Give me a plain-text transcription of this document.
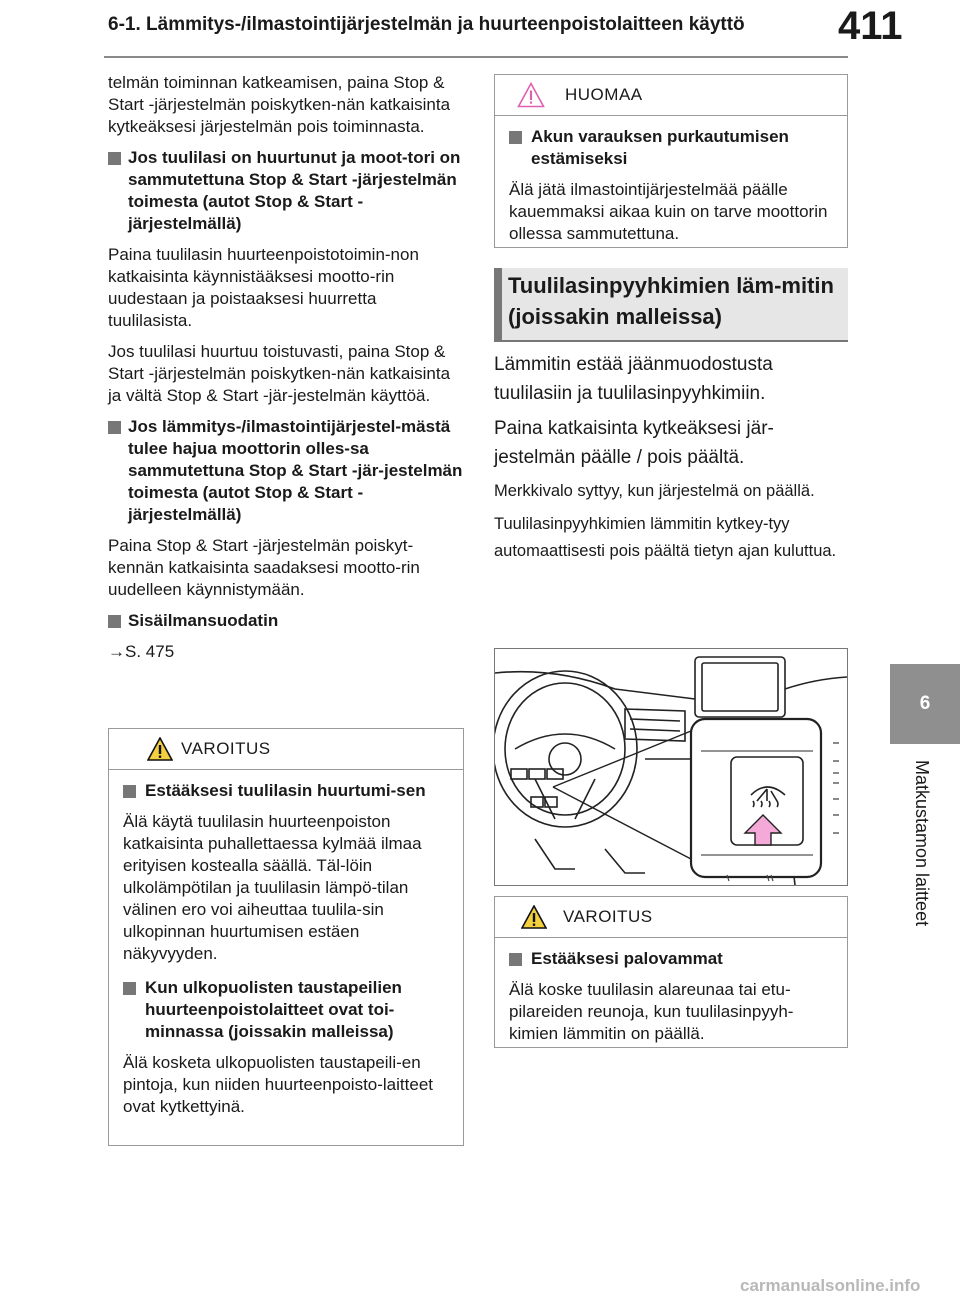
6-1. Lämmitys-/ilmastointijärjestelmän ja huurteenpoistolaitteen käyttö 411
6
Matkustamon laitteet

telmän toiminnan katkeamisen, paina Stop & Start -järjestelmän poiskytken-nän katkaisinta kytkeäksesi järjestelmän pois toiminnasta.

Jos tuulilasi on huurtunut ja moot-tori on sammutettuna Stop & Start -järjestelmän toimesta (autot Stop & Start -järjestelmällä)

Paina tuulilasin huurteenpoistotoimin-non katkaisinta käynnistääksesi mootto-rin uudestaan ja poistaaksesi huurretta tuulilasista.

Jos tuulilasi huurtuu toistuvasti, paina Stop & Start -järjestelmän poiskytken-nän katkaisinta ja vältä Stop & Start -jär-jestelmän käyttöä.

Jos lämmitys-/ilmastointijärjestel-mästä tulee hajua moottorin olles-sa sammutettuna Stop & Start -jär-jestelmän toimesta (autot Stop & Start -järjestelmällä)

Paina Stop & Start -järjestelmän poiskyt-kennän katkaisinta saadaksesi mootto-rin uudelleen käynnistymään.

Sisäilmansuodatin

→S. 475

VAROITUS
Estääksesi tuulilasin huurtumi-sen

Älä käytä tuulilasin huurteenpoiston katkaisinta puhallettaessa kylmää ilmaa erityisen kostealla säällä. Täl-löin ulkolämpötilan ja tuulilasin lämpö-tilan välinen ero voi aiheuttaa tuulila-sin ulkopinnan huurtumisen estäen näkyvyyden.

Kun ulkopuolisten taustapeilien huurteenpoistolaitteet ovat toi-minnassa (joissakin malleissa)

Älä kosketa ulkopuolisten taustapeili-en pintoja, kun niiden huurteenpoisto-laitteet ovat kytkettyinä.

HUOMAA
Akun varauksen purkautumisen estämiseksi

Älä jätä ilmastointijärjestelmää päälle kauemmaksi aikaa kuin on tarve moottorin ollessa sammutettuna.

Tuulilasinpyyhkimien läm-mitin (joissakin malleissa)

Lämmitin estää jäänmuodostusta tuulilasiin ja tuulilasinpyyhkimiin.

Paina katkaisinta kytkeäksesi jär-jestelmän päälle / pois päältä.

Merkkivalo syttyy, kun järjestelmä on päällä.

Tuulilasinpyyhkimien lämmitin kytkey-tyy automaattisesti pois päältä tietyn ajan kuluttua.

VAROITUS
Estääksesi palovammat

Älä koske tuulilasin alareunaa tai etu-pilareiden reunoja, kun tuulilasinpyyh-kimien lämmitin on päällä.

carmanualsonline.info
